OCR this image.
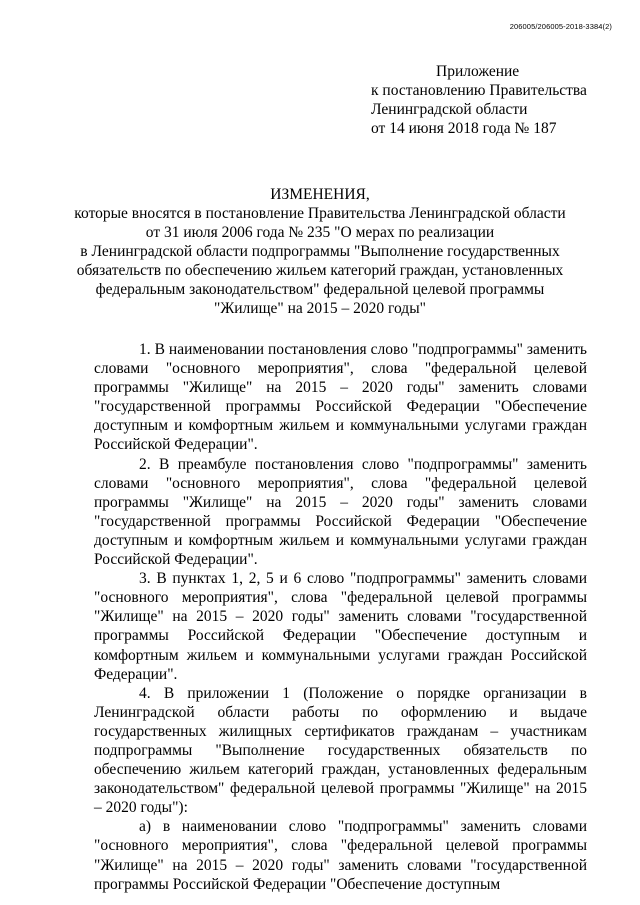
206005/206005-2018-3384(2)
Приложение
к постановлению Правительства
Ленинградской области
от 14 июня 2018 года № 187
ИЗМЕНЕНИЯ,
которые вносятся в постановление Правительства Ленинградской области
от 31 июля 2006 года № 235 "О мерах по реализации
в Ленинградской области подпрограммы "Выполнение государственных
обязательств по обеспечению жильем категорий граждан, установленных
федеральным законодательством" федеральной целевой программы
"Жилище" на 2015 – 2020 годы"

1. В наименовании постановления слово "подпрограммы" заменить словами "основного мероприятия", слова "федеральной целевой программы "Жилище" на 2015 – 2020 годы" заменить словами "государственной программы Российской Федерации "Обеспечение доступным и комфортным жильем и коммунальными услугами граждан Российской Федерации".

2. В преамбуле постановления слово "подпрограммы" заменить словами "основного мероприятия", слова "федеральной целевой программы "Жилище" на 2015 – 2020 годы" заменить словами "государственной программы Российской Федерации "Обеспечение доступным и комфортным жильем и коммунальными услугами граждан Российской Федерации".

3. В пунктах 1, 2, 5 и 6 слово "подпрограммы" заменить словами "основного мероприятия", слова "федеральной целевой программы "Жилище" на 2015 – 2020 годы" заменить словами "государственной программы Российской Федерации "Обеспечение доступным и комфортным жильем и коммунальными услугами граждан Российской Федерации".

4. В приложении 1 (Положение о порядке организации в Ленинградской области работы по оформлению и выдаче государственных жилищных сертификатов гражданам – участникам подпрограммы "Выполнение государственных обязательств по обеспечению жильем категорий граждан, установленных федеральным законодательством" федеральной целевой программы "Жилище" на 2015 – 2020 годы"):

а) в наименовании слово "подпрограммы" заменить словами "основного мероприятия", слова "федеральной целевой программы "Жилище" на 2015 – 2020 годы" заменить словами "государственной программы Российской Федерации "Обеспечение доступным
